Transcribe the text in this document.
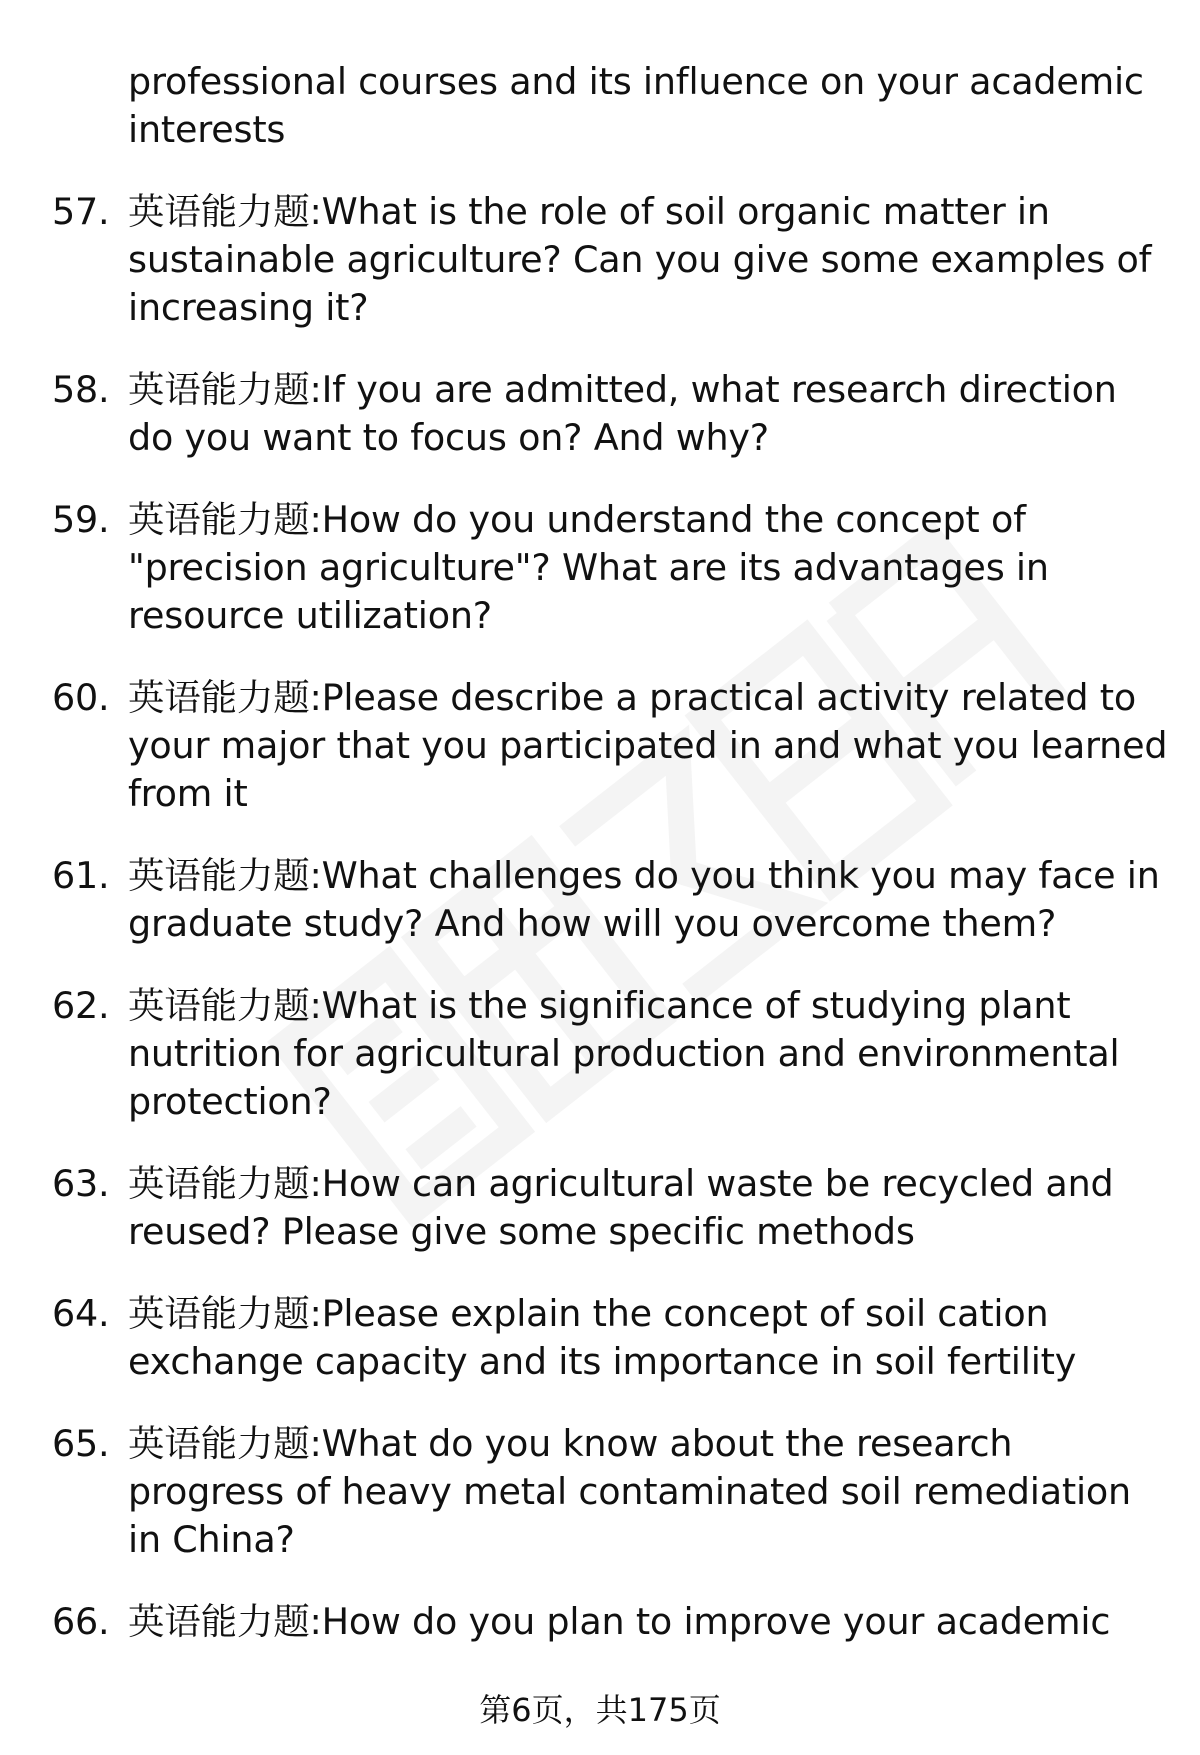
professional courses and its influence on your academic interests
57. 英语能力题:What is the role of soil organic matter in sustainable agriculture? Can you give some examples of increasing it?
58. 英语能力题:If you are admitted, what research direction do you want to focus on? And why?
59. 英语能力题:How do you understand the concept of "precision agriculture"? What are its advantages in resource utilization?
60. 英语能力题:Please describe a practical activity related to your major that you participated in and what you learned from it
61. 英语能力题:What challenges do you think you may face in graduate study? And how will you overcome them?
62. 英语能力题:What is the significance of studying plant nutrition for agricultural production and environmental protection?
63. 英语能力题:How can agricultural waste be recycled and reused? Please give some specific methods
64. 英语能力题:Please explain the concept of soil cation exchange capacity and its importance in soil fertility
65. 英语能力题:What do you know about the research progress of heavy metal contaminated soil remediation in China?
66. 英语能力题:How do you plan to improve your academic
第6页，共175页
